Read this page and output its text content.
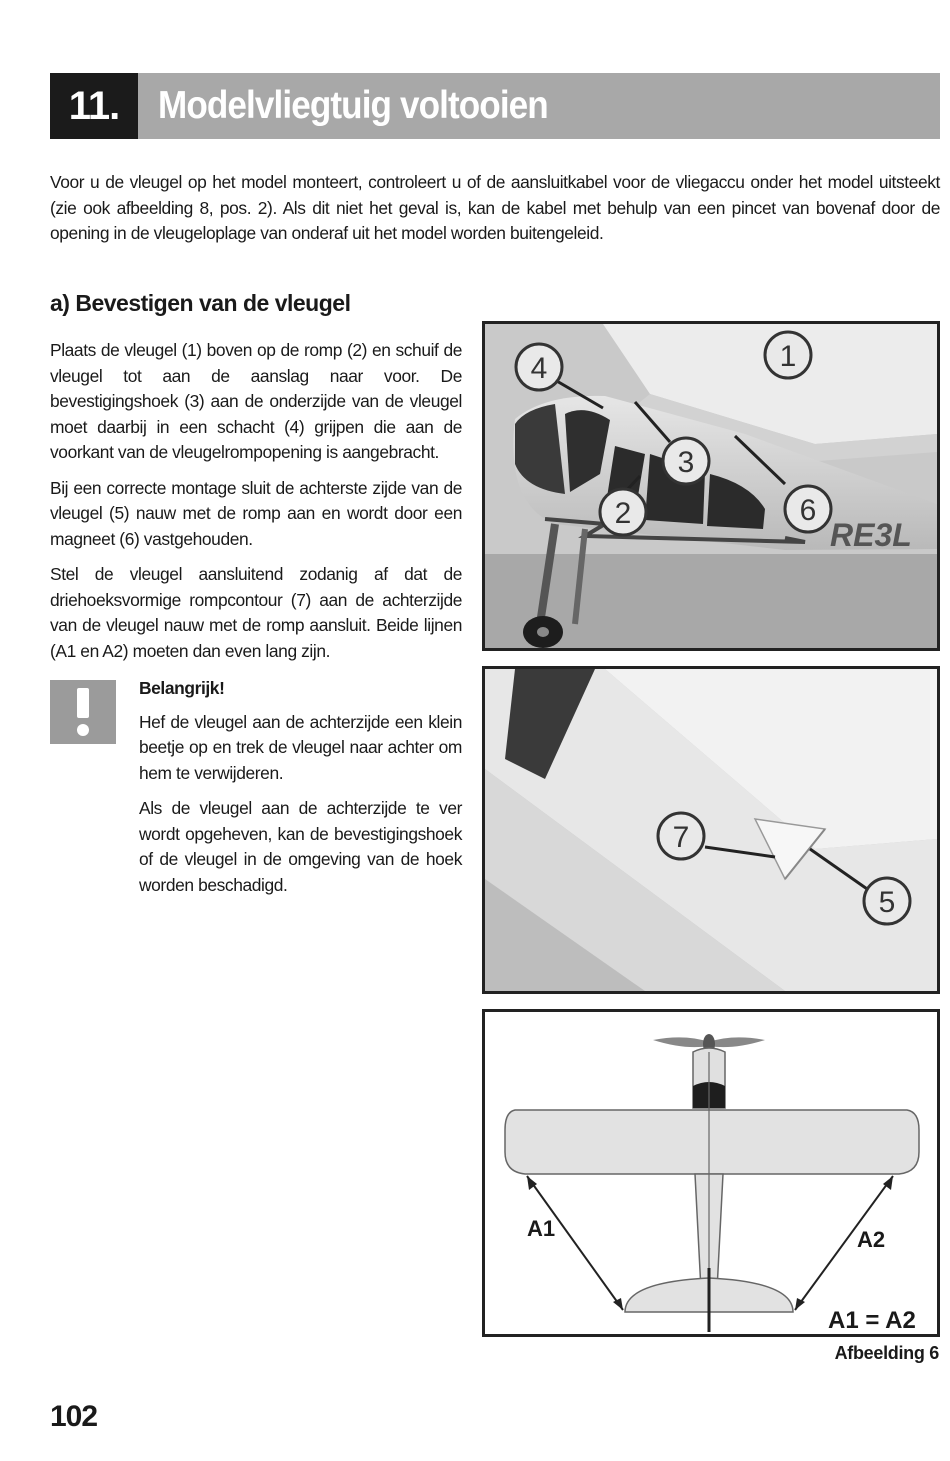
11. Modelvliegtuig voltooien

Voor u de vleugel op het model monteert, controleert u of de aansluitkabel voor de vliegaccu onder het model uitsteekt (zie ook afbeelding 8, pos. 2). Als dit niet het geval is, kan de kabel met behulp van een pincet van bovenaf door de opening in de vleugeloplage van onderaf uit het model worden buitengeleid.

a) Bevestigen van de vleugel

Plaats de vleugel (1) boven op de romp (2) en schuif de vleugel tot aan de aanslag naar voor. De bevestigingshoek (3) aan de onderzijde van de vleugel moet daarbij in een schacht (4) grijpen die aan de voorkant van de vleugelrompopening is aangebracht.

Bij een correcte montage sluit de achterste zijde van de vleugel (5) nauw met de romp aan en wordt door een magneet (6) vastgehouden.

Stel de vleugel aansluitend zodanig af dat de driehoeksvormige rompcontour (7) aan de achterzijde van de vleugel nauw met de romp aansluit. Beide lijnen (A1 en A2) moeten dan even lang zijn.

Belangrijk!

Hef de vleugel aan de achterzijde een klein beetje op en trek de vleugel naar achter om hem te verwijderen.

Als de vleugel aan de achterzijde te ver wordt opgeheven, kan de bevestigingshoek of de vleugel in de omgeving van de hoek worden beschadigd.

RE3L
4	1
3
2	6
7
5
A1	A2
A1 = A2
Afbeelding 6
102
